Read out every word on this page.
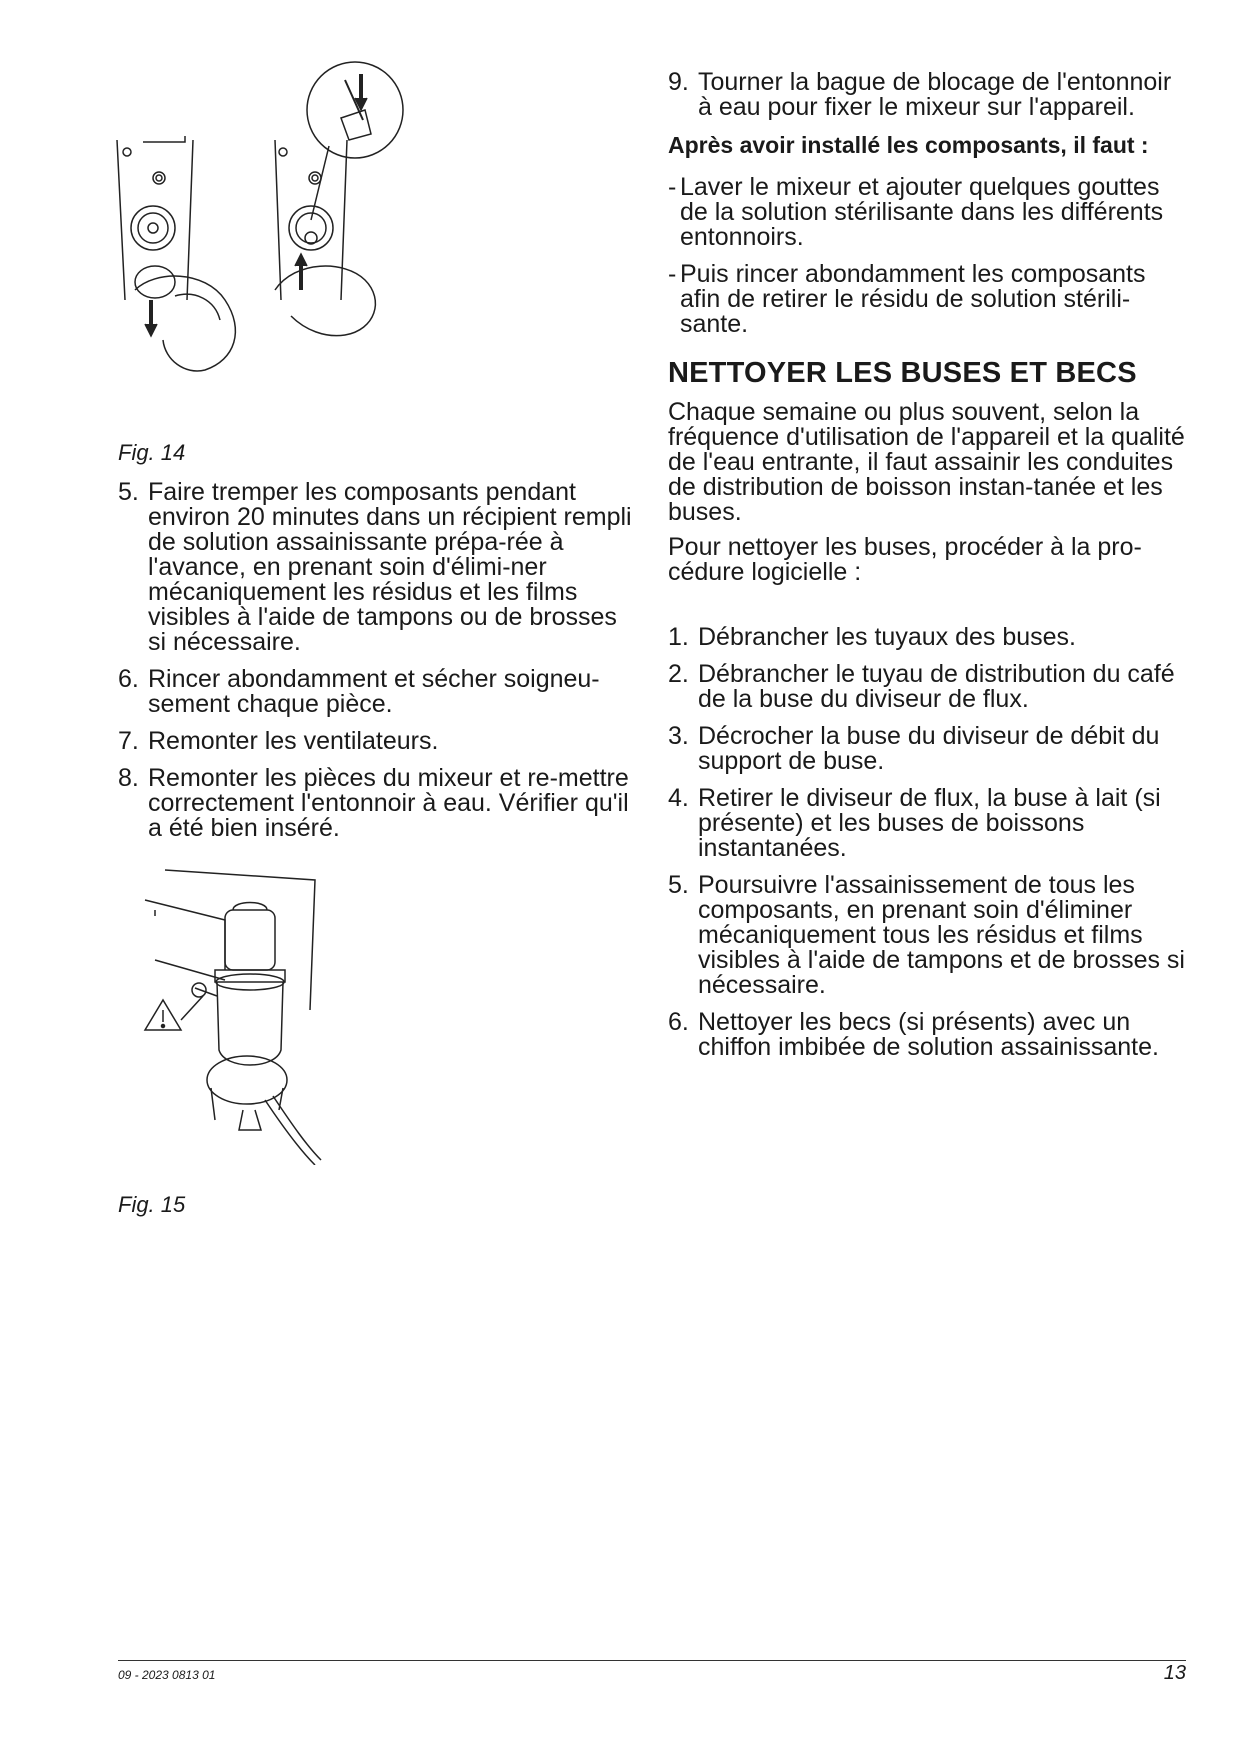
Fig. 14
5. Faire tremper les composants pendant environ 20 minutes dans un récipient rempli de solution assainissante prépa-rée à l'avance, en prenant soin d'élimi-ner mécaniquement les résidus et les films visibles à l'aide de tampons ou de brosses si nécessaire.
6. Rincer abondamment et sécher soigneu-sement chaque pièce.
7. Remonter les ventilateurs.
8. Remonter les pièces du mixeur et re-mettre correctement l'entonnoir à eau. Vérifier qu'il a été bien inséré.
Fig. 15
9. Tourner la bague de blocage de l'entonnoir à eau pour fixer le mixeur sur l'appareil.
Après avoir installé les composants, il faut :
- Laver le mixeur et ajouter quelques gouttes de la solution stérilisante dans les différents entonnoirs.
- Puis rincer abondamment les composants afin de retirer le résidu de solution stérili-sante.
NETTOYER LES BUSES ET BECS

Chaque semaine ou plus souvent, selon la fréquence d'utilisation de l'appareil et la qualité de l'eau entrante, il faut assainir les conduites de distribution de boisson instan-tanée et les buses.

Pour nettoyer les buses, procéder à la pro-cédure logicielle :

1. Débrancher les tuyaux des buses.
2. Débrancher le tuyau de distribution du café de la buse du diviseur de flux.
3. Décrocher la buse du diviseur de débit du support de buse.
4. Retirer le diviseur de flux, la buse à lait (si présente) et les buses de boissons instantanées.
5. Poursuivre l'assainissement de tous les composants, en prenant soin d'éliminer mécaniquement tous les résidus et films visibles à l'aide de tampons et de brosses si nécessaire.
6. Nettoyer les becs (si présents) avec un chiffon imbibée de solution assainissante.
09 - 2023 0813 01	13
